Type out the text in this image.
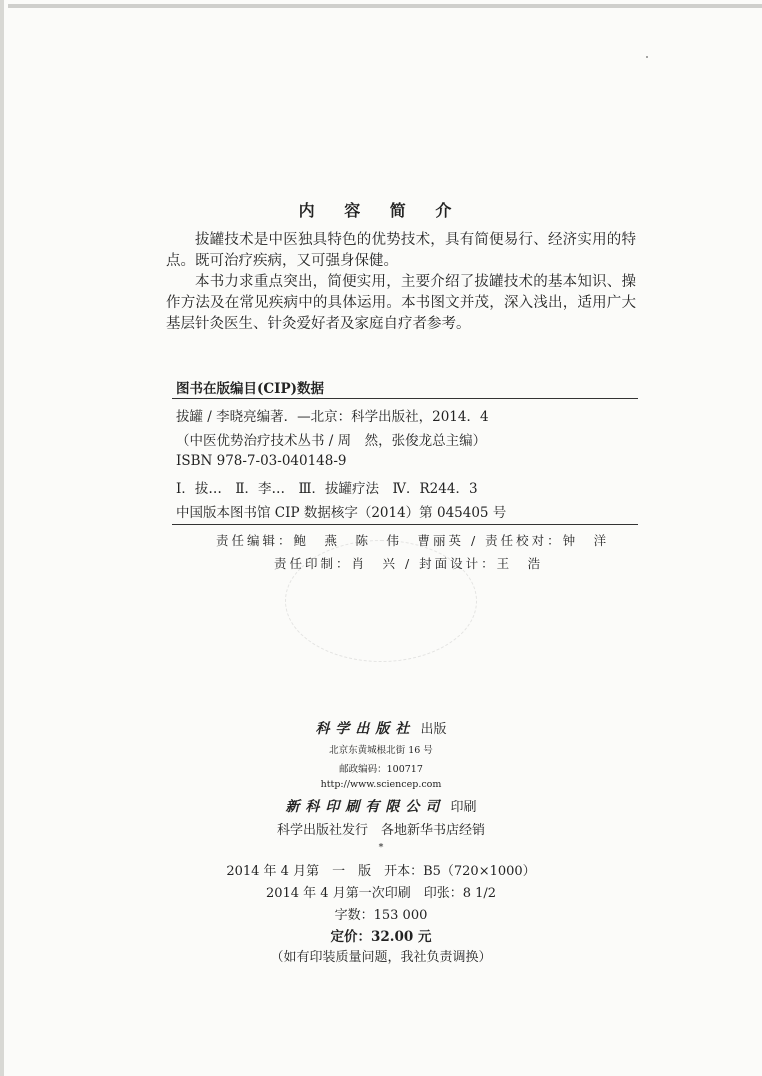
内 容 简 介
拔罐技术是中医独具特色的优势技术，具有简便易行、经济实用的特点。既可治疗疾病，又可强身保健。
本书力求重点突出，简便实用，主要介绍了拔罐技术的基本知识、操作方法及在常见疾病中的具体运用。本书图文并茂，深入浅出，适用广大基层针灸医生、针灸爱好者及家庭自疗者参考。
图书在版编目(CIP)数据
拔罐 / 李晓亮编著．—北京：科学出版社，2014．4
（中医优势治疗技术丛书 / 周　然，张俊龙总主编）
ISBN 978-7-03-040148-9
Ⅰ．拔…　Ⅱ．李…　Ⅲ．拔罐疗法　Ⅳ．R244．3
中国版本图书馆 CIP 数据核字（2014）第 045405 号
责任编辑：鲍　燕　陈　伟　曹丽英 / 责任校对：钟　洋
责任印制：肖　兴 / 封面设计：王　浩
科学出版社 出版
北京东黄城根北街 16 号
邮政编码：100717
http://www.sciencep.com
新科印刷有限公司 印刷
科学出版社发行　各地新华书店经销
*
2014 年 4 月第　一　版　开本：B5（720×1000）
2014 年 4 月第一次印刷　印张：8 1/2
字数：153 000
定价：32.00 元
（如有印装质量问题，我社负责调换）
